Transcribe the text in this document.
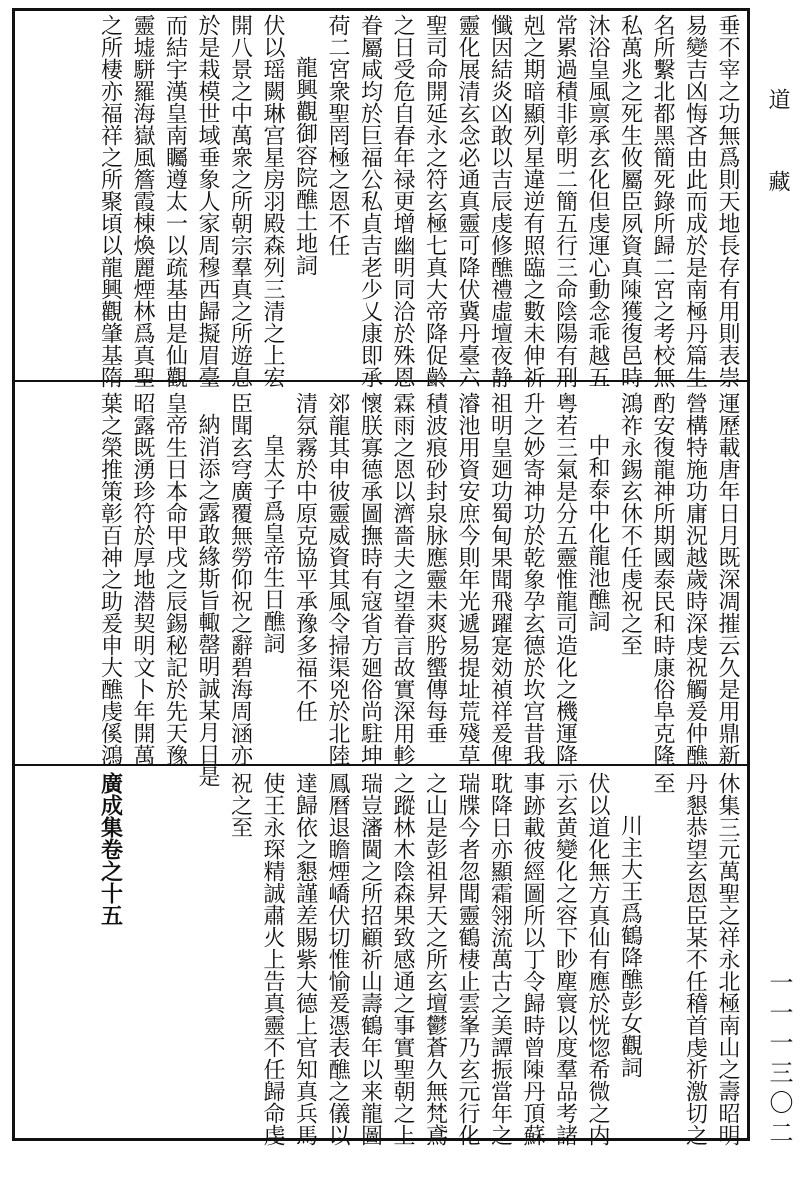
道藏
一一一三〇二
垂不宰之功無爲則天地長存有用則表崇
易變吉凶悔吝由此而成於是南極丹篇生
名所繫北都黑簡死錄所歸二宮之考校無
私萬兆之死生攸屬臣夙資真𨻰獲復邑時
沐浴皇風禀承玄化但虔運心動念乖越五
常累過積非彰明二簡五行三命陰陽有刑
剋之期暗顯列星違逆有照臨之數未伸祈
懺因結炎凶敢以吉辰虔修醮禮虛壇夜静
靈化展清玄念必通真靈可降伏冀丹臺六
聖司命開延永之符玄極七真大帝降促齡
之日受危自春年禄更增幽明同洽於殊恩
眷屬咸均於巨福公私貞吉老少乂康即承
荷二宮衆聖罔極之恩不任
龍興觀御容院醮土地詞
伏以瑶闕琳宫星房羽殿森列三清之上宏
開八景之中萬衆之所朝宗羣真之所遊息
於是栽模世域垂象人家周穆西歸擬眉臺
而結宇漢皇南矚遵太一以疏基由是仙觀
靈墟駢羅海嶽風簷霞棟煥麗煙林爲真聖
之所棲亦福祥之所聚頃以龍興觀肇基隋
運歷載唐年日月既深凋摧云久是用鼎新
營構特施功庸況越歲時深虔祝觸爰仲醮
酌安復龍神所期國泰民和時康俗阜克隆
鴻祚永錫玄休不任虔祝之至
中和泰中化龍池醮詞
粤若三氣是分五靈惟龍司造化之機運降
升之妙寄神功於乾象孕玄德於坎宫昔我
祖明皇廻功蜀甸果聞飛躍寔効禎祥爰俾
濬池用資安庶今則年光遞易提址荒殘草
積波痕砂封泉脉應靈未爽肹蠁傳每垂
霖雨之恩以濟嗇夫之望眷言故實深用軫
懷朕寡德承圖撫時有寇省方廻俗尚駐坤
郊龍其申彼靈威資其風令掃渠兇於北陸
清氛霧於中原克協平承豫多福不任
皇太子爲皇帝生日醮詞
臣聞玄穹廣覆無勞仰祝之辭碧海周涵亦
納消添之露敢緣斯旨輙罄明誠某月日是
皇帝生日本命甲戌之辰錫秘記於先天豫
昭露既湧珍符於厚地潜契明文卜年開萬
葉之榮推策彰百神之助爰申大醮虔傒鴻
休集三元萬聖之祥永北極南山之壽昭明
丹懇恭望玄恩臣某不任稽首虔祈激切之
至
川主大王爲鶴降醮彭女觀詞
伏以道化無方真仙有應於恍惚希微之内
示玄黄變化之容下眇塵寰以度羣品考諸
事跡載彼經圖所以丁令歸時曾𨻰丹頂蘇
耽降日亦顯霜翎流萬古之美譚振當年之
瑞牒今者忽聞靈鶴棲止雲峯乃玄元行化
之山是彭祖昇天之所玄壇鬱蒼久無梵鳶
之蹤林木陰森果致感通之事實聖朝之上
瑞豈瀋閫之所招顧祈山壽鶴年以来龍圖
鳳曆退瞻煙嶠伏切惟愉爰憑表醮之儀以
達歸依之懇謹差賜紫大德上官知真兵馬
使王永琛精誠肅火上告真靈不任歸命虔
祝之至
廣成集卷之十五
